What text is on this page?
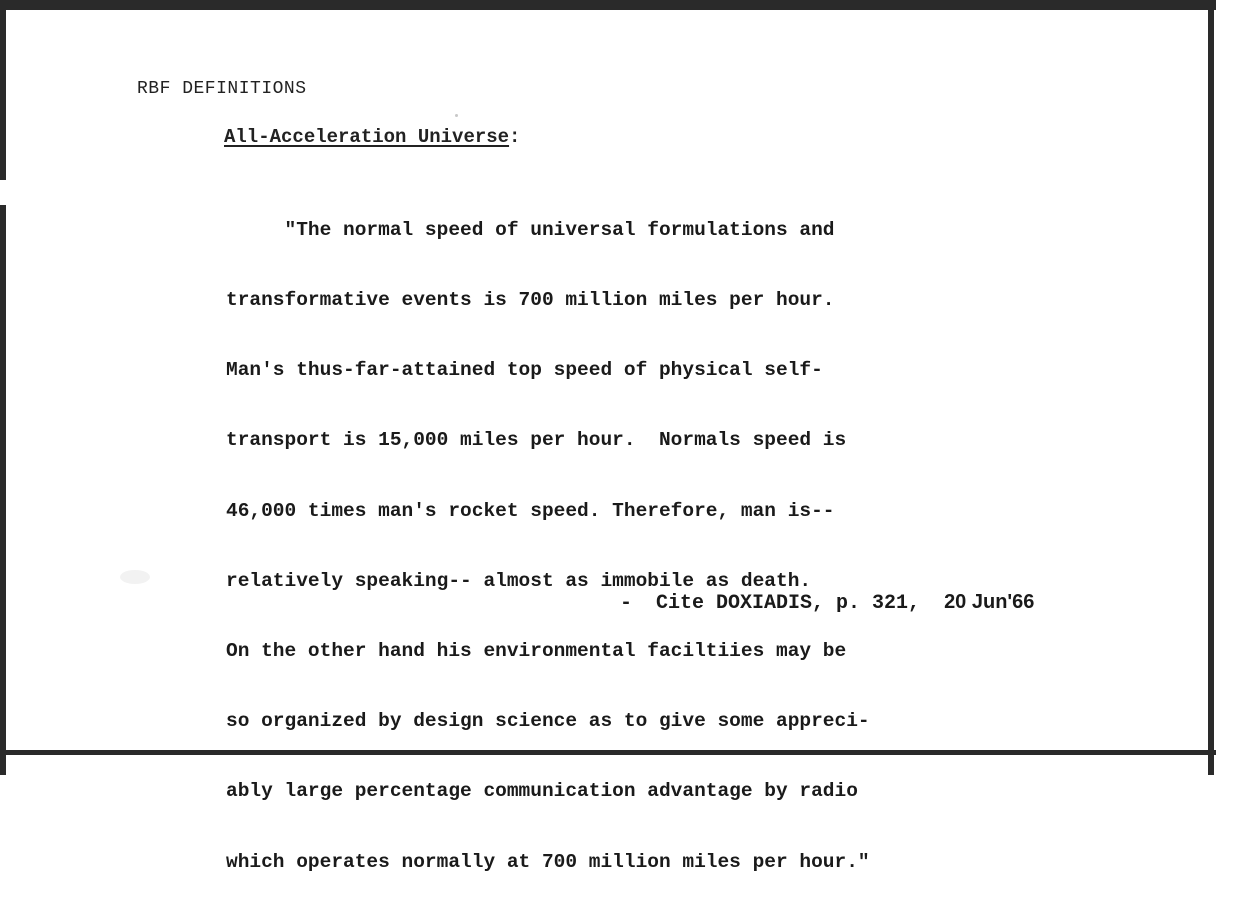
RBF DEFINITIONS
All-Acceleration Universe:

"The normal speed of universal formulations and

transformative events is 700 million miles per hour.

Man's thus-far-attained top speed of physical self-

transport is 15,000 miles per hour.  Normals speed is

46,000 times man's rocket speed. Therefore, man is--

relatively speaking-- almost as immobile as death.

On the other hand his environmental faciltiies may be

so organized by design science as to give some appreci-

ably large percentage communication advantage by radio

which operates normally at 700 million miles per hour."

-  Cite DOXIADIS, p. 321,  20 Jun'66
